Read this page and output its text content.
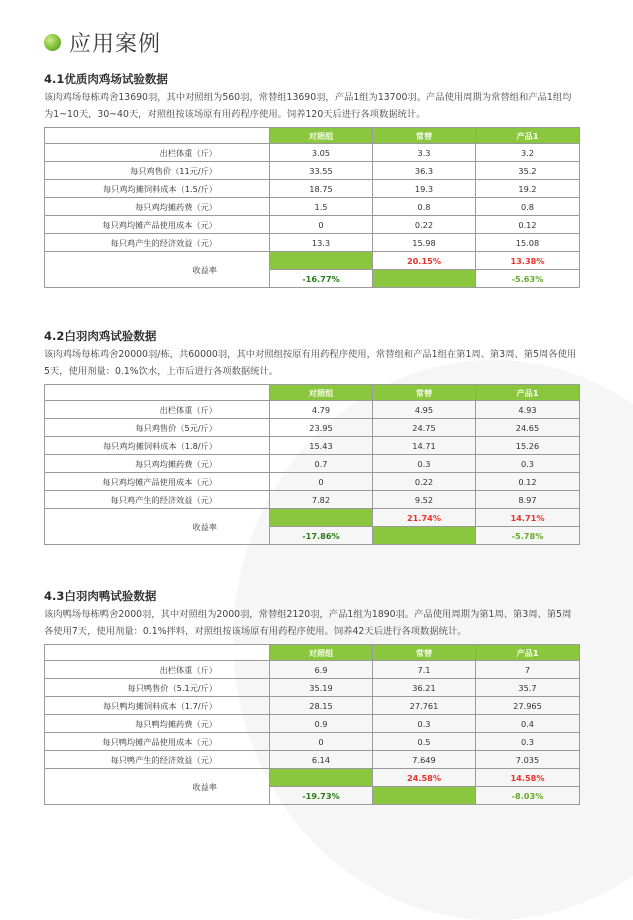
应用案例
4.1优质肉鸡场试验数据
该肉鸡场每栋鸡舍13690羽，其中对照组为560羽，常替组13690羽，产品1组为13700羽。产品使用周期为常替组和产品1组均为1~10天，30~40天，对照组按该场原有用药程序使用。饲养120天后进行各项数据统计。
	对照组	常替	产品1
出栏体重（斤）	3.05	3.3	3.2
每只鸡售价（11元/斤）	33.55	36.3	35.2
每只鸡均摊饲料成本（1.5/斤）	18.75	19.3	19.2
每只鸡均摊药费（元）	1.5	0.8	0.8
每只鸡均摊产品使用成本（元）	0	0.22	0.12
每只鸡产生的经济效益（元）	13.3	15.98	15.08
收益率		20.15%	13.38%
	-16.77%		-5.63%
4.2白羽肉鸡试验数据
该肉鸡场每栋鸡舍20000羽/栋，共60000羽，其中对照组按原有用药程序使用，常替组和产品1组在第1周、第3周、第5周各使用5天，使用剂量：0.1%饮水，上市后进行各项数据统计。
	对照组	常替	产品1
出栏体重（斤）	4.79	4.95	4.93
每只鸡售价（5元/斤）	23.95	24.75	24.65
每只鸡均摊饲料成本（1.8/斤）	15.43	14.71	15.26
每只鸡均摊药费（元）	0.7	0.3	0.3
每只鸡均摊产品使用成本（元）	0	0.22	0.12
每只鸡产生的经济效益（元）	7.82	9.52	8.97
收益率		21.74%	14.71%
	-17.86%		-5.78%
4.3白羽肉鸭试验数据
该肉鸭场每栋鸭舍2000羽，其中对照组为2000羽，常替组2120羽，产品1组为1890羽。产品使用周期为第1周、第3周、第5周各使用7天，使用剂量：0.1%拌料，对照组按该场原有用药程序使用。饲养42天后进行各项数据统计。
	对照组	常替	产品1
出栏体重（斤）	6.9	7.1	7
每只鸭售价（5.1元/斤）	35.19	36.21	35.7
每只鸭均摊饲料成本（1.7/斤）	28.15	27.761	27.965
每只鸭均摊药费（元）	0.9	0.3	0.4
每只鸭均摊产品使用成本（元）	0	0.5	0.3
每只鸭产生的经济效益（元）	6.14	7.649	7.035
收益率		24.58%	14.58%
	-19.73%		-8.03%
